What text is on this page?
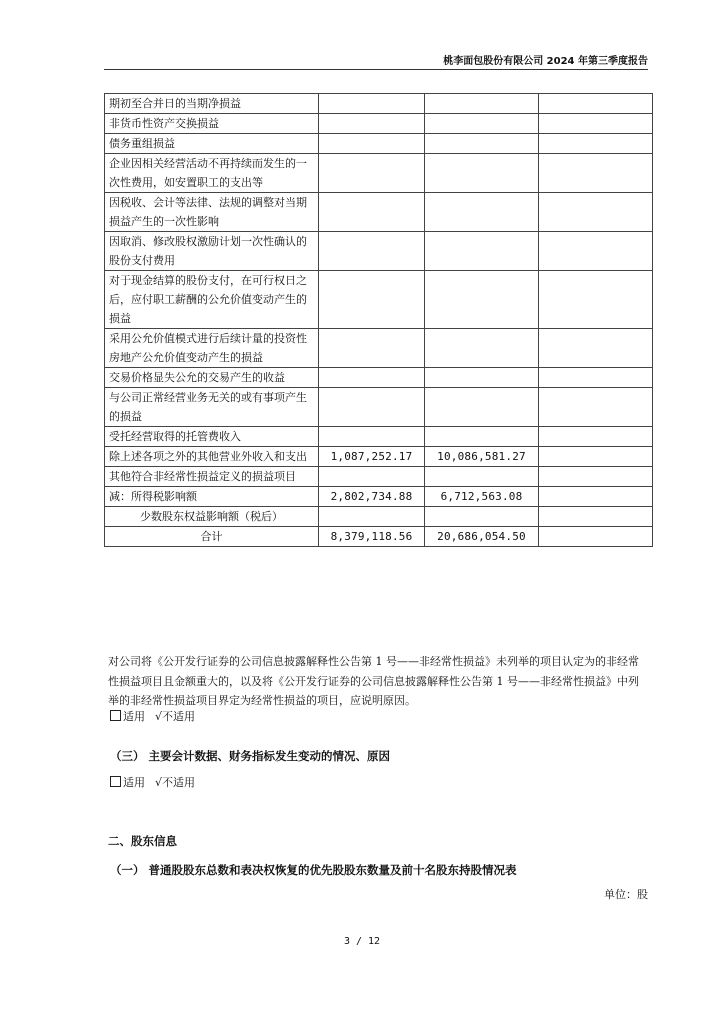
桃李面包股份有限公司 2024 年第三季度报告
期初至合并日的当期净损益			
非货币性资产交换损益			
债务重组损益			
企业因相关经营活动不再持续而发生的一次性费用，如安置职工的支出等			
因税收、会计等法律、法规的调整对当期损益产生的一次性影响			
因取消、修改股权激励计划一次性确认的股份支付费用			
对于现金结算的股份支付，在可行权日之后，应付职工薪酬的公允价值变动产生的损益			
采用公允价值模式进行后续计量的投资性房地产公允价值变动产生的损益			
交易价格显失公允的交易产生的收益			
与公司正常经营业务无关的或有事项产生的损益			
受托经营取得的托管费收入			
除上述各项之外的其他营业外收入和支出	1,087,252.17	10,086,581.27	
其他符合非经常性损益定义的损益项目			
减：所得税影响额	2,802,734.88	6,712,563.08	
少数股东权益影响额（税后）			
合计	8,379,118.56	20,686,054.50	
对公司将《公开发行证券的公司信息披露解释性公告第 1 号——非经常性损益》未列举的项目认定为的非经常性损益项目且金额重大的，以及将《公开发行证券的公司信息披露解释性公告第 1 号——非经常性损益》中列举的非经常性损益项目界定为经常性损益的项目，应说明原因。
适用 √不适用
（三） 主要会计数据、财务指标发生变动的情况、原因
适用 √不适用
二、股东信息
（一） 普通股股东总数和表决权恢复的优先股股东数量及前十名股东持股情况表
单位：股
3 / 12
